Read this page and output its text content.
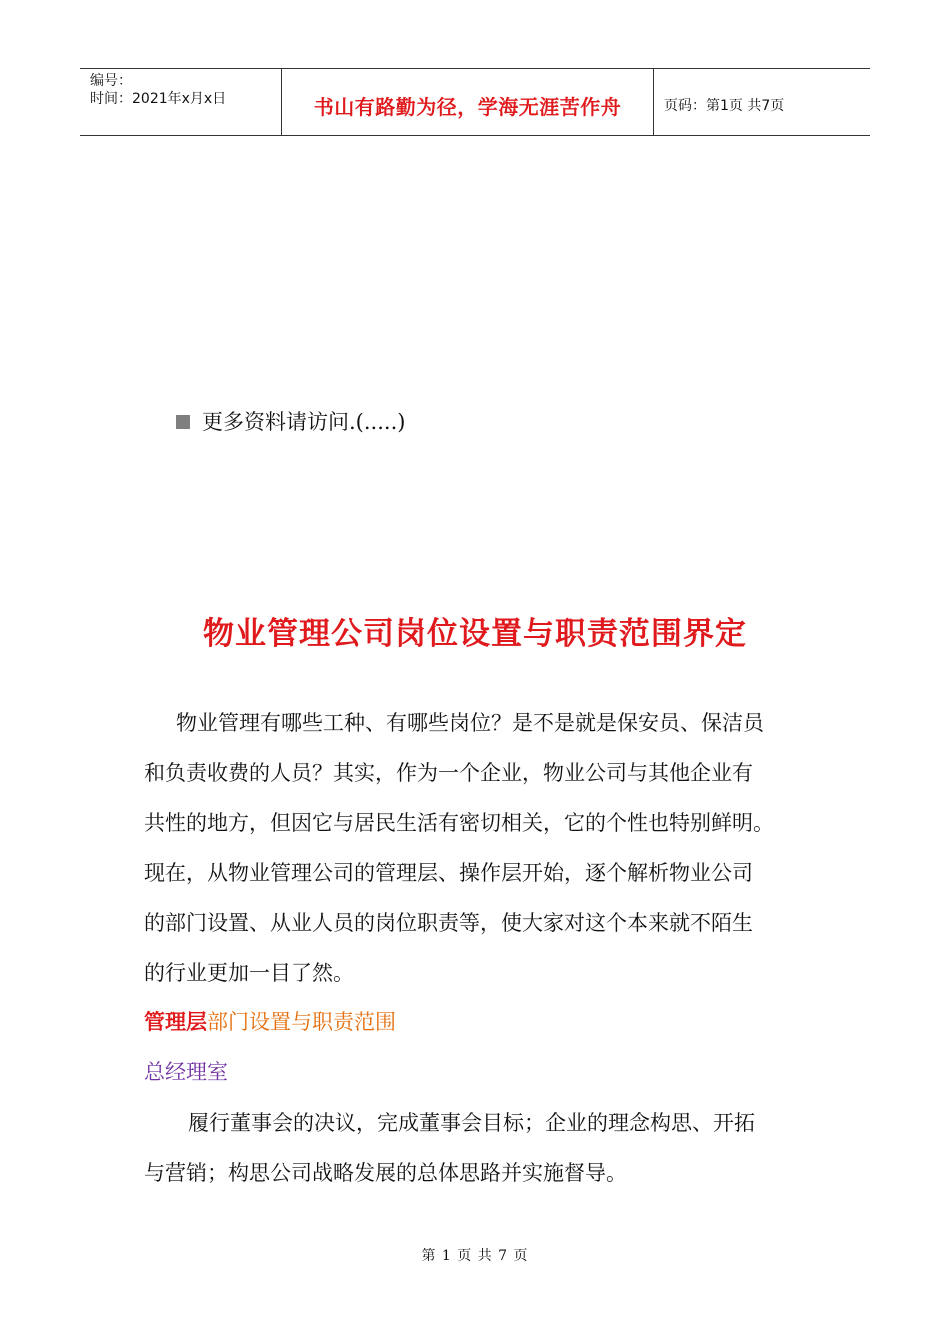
编号：
时间：2021年x月x日	书山有路勤为径，学海无涯苦作舟	页码：第1页 共7页
更多资料请访问.(.....)
物业管理公司岗位设置与职责范围界定
物业管理有哪些工种、有哪些岗位？是不是就是保安员、保洁员
和负责收费的人员？其实，作为一个企业，物业公司与其他企业有
共性的地方，但因它与居民生活有密切相关，它的个性也特别鲜明。
现在，从物业管理公司的管理层、操作层开始，逐个解析物业公司
的部门设置、从业人员的岗位职责等，使大家对这个本来就不陌生
的行业更加一目了然。
管理层部门设置与职责范围
总经理室
履行董事会的决议，完成董事会目标；企业的理念构思、开拓
与营销；构思公司战略发展的总体思路并实施督导。
第 1 页 共 7 页
